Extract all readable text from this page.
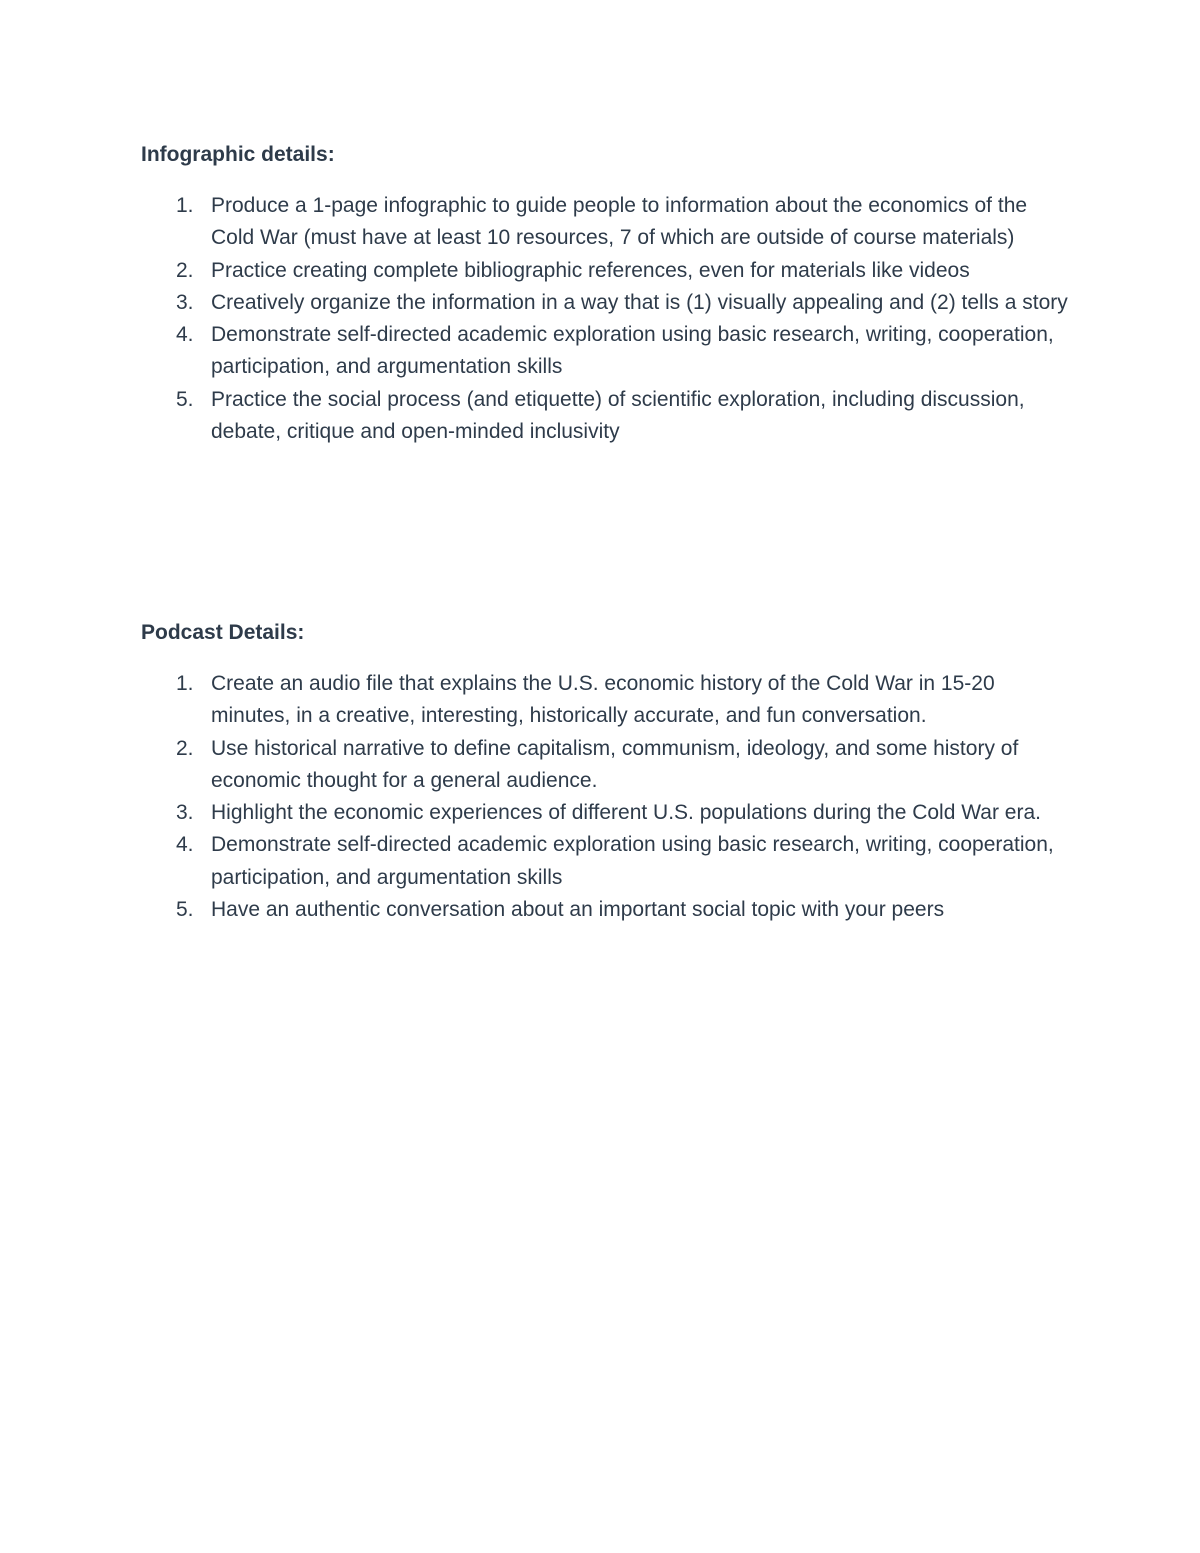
Infographic details:
1. Produce a 1-page infographic to guide people to information about the economics of the Cold War (must have at least 10 resources, 7 of which are outside of course materials)
2. Practice creating complete bibliographic references, even for materials like videos
3. Creatively organize the information in a way that is (1) visually appealing and (2) tells a story
4. Demonstrate self-directed academic exploration using basic research, writing, cooperation, participation, and argumentation skills
5. Practice the social process (and etiquette) of scientific exploration, including discussion, debate, critique and open-minded inclusivity
Podcast Details:
1. Create an audio file that explains the U.S. economic history of the Cold War in 15-20 minutes, in a creative, interesting, historically accurate, and fun conversation.
2. Use historical narrative to define capitalism, communism, ideology, and some history of economic thought for a general audience.
3. Highlight the economic experiences of different U.S. populations during the Cold War era.
4. Demonstrate self-directed academic exploration using basic research, writing, cooperation, participation, and argumentation skills
5. Have an authentic conversation about an important social topic with your peers
